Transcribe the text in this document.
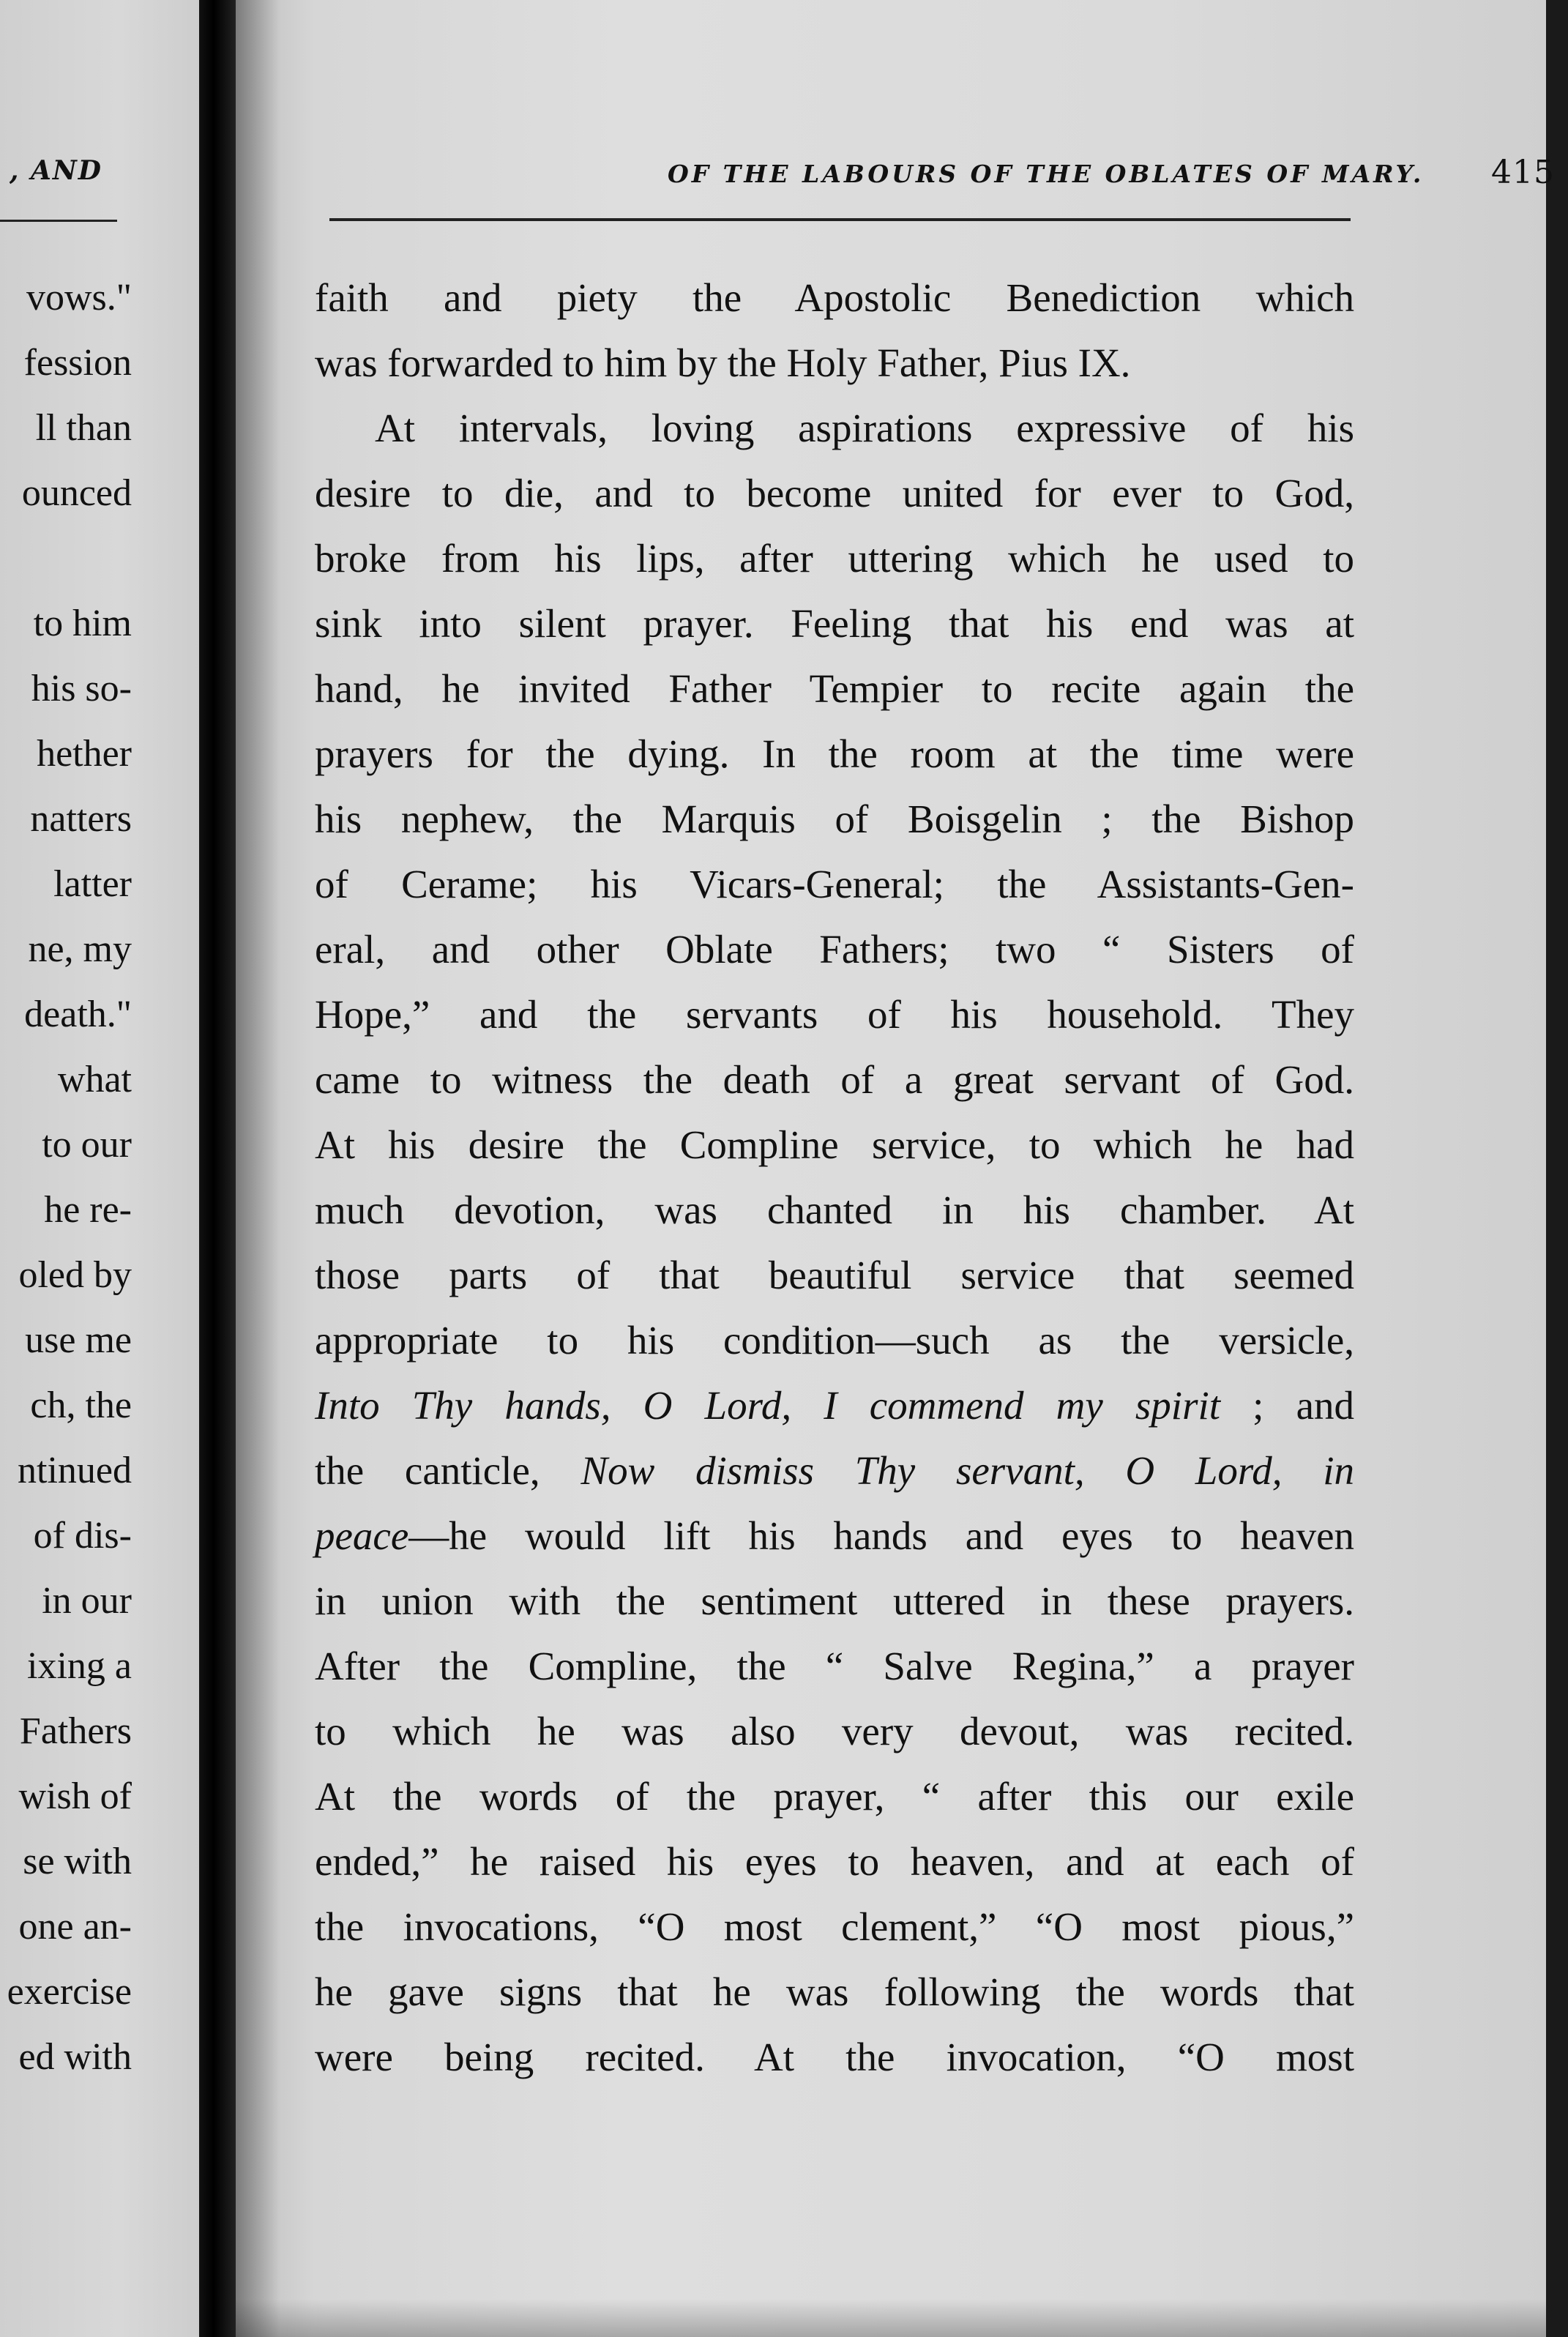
, AND
vows."
fession
ll than
ounced
to him
his so-
hether
natters
latter
ne, my
death."
what
to our
he re-
oled by
use me
ch, the
ntinued
of dis-
in our
ixing a
Fathers
wish of
se with
one an-
exercise
ed with
OF THE LABOURS OF THE OBLATES OF MARY. 415
faith and piety the Apostolic Benediction which
was forwarded to him by the Holy Father, Pius IX.
At intervals, loving aspirations expressive of his
desire to die, and to become united for ever to God,
broke from his lips, after uttering which he used to
sink into silent prayer. Feeling that his end was at
hand, he invited Father Tempier to recite again the
prayers for the dying. In the room at the time were
his nephew, the Marquis of Boisgelin ; the Bishop
of Cerame; his Vicars-General; the Assistants-Gen-
eral, and other Oblate Fathers; two “ Sisters of
Hope,” and the servants of his household. They
came to witness the death of a great servant of God.
At his desire the Compline service, to which he had
much devotion, was chanted in his chamber. At
those parts of that beautiful service that seemed
appropriate to his condition—such as the versicle,
Into Thy hands, O Lord, I commend my spirit ; and
the canticle, Now dismiss Thy servant, O Lord, in
peace—he would lift his hands and eyes to heaven
in union with the sentiment uttered in these prayers.
After the Compline, the “ Salve Regina,” a prayer
to which he was also very devout, was recited.
At the words of the prayer, “ after this our exile
ended,” he raised his eyes to heaven, and at each of
the invocations, “O most clement,” “O most pious,”
he gave signs that he was following the words that
were being recited. At the invocation, “O most
